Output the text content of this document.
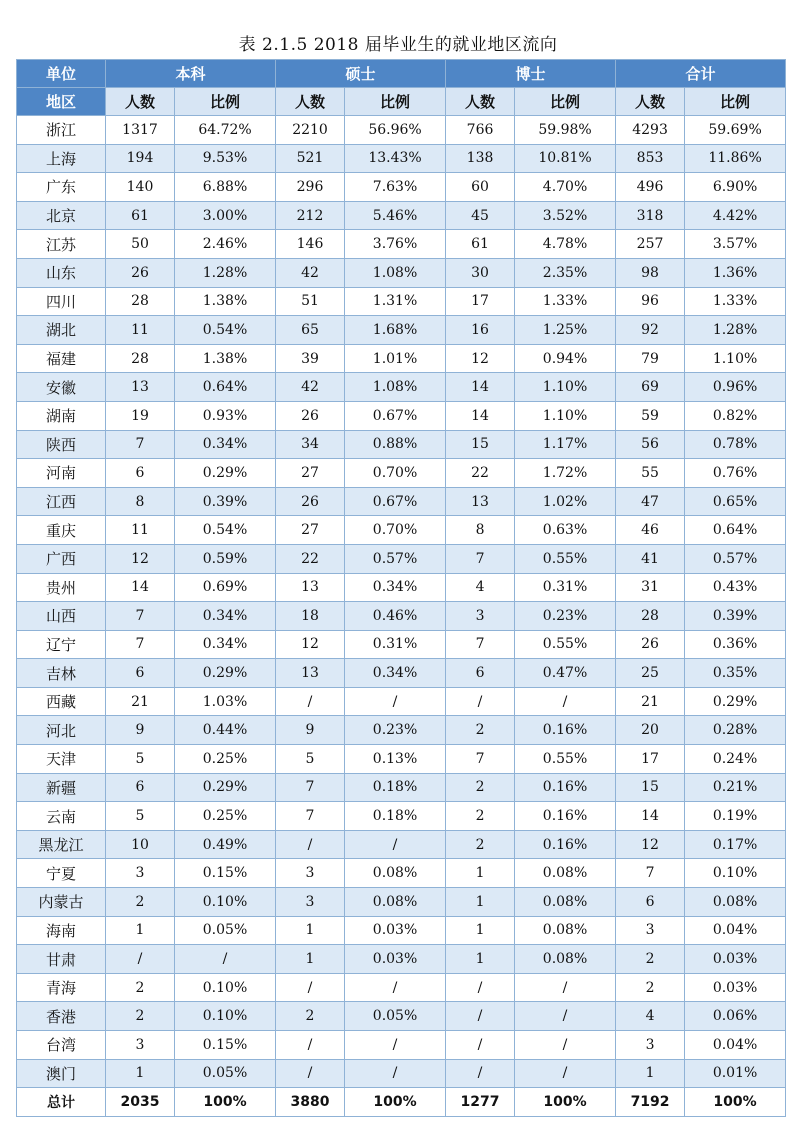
表 2.1.5 2018 届毕业生的就业地区流向
单位	本科		硕士		博士		合计	
地区	人数	比例	人数	比例	人数	比例	人数	比例
浙江	1317	64.72%	2210	56.96%	766	59.98%	4293	59.69%
上海	194	9.53%	521	13.43%	138	10.81%	853	11.86%
广东	140	6.88%	296	7.63%	60	4.70%	496	6.90%
北京	61	3.00%	212	5.46%	45	3.52%	318	4.42%
江苏	50	2.46%	146	3.76%	61	4.78%	257	3.57%
山东	26	1.28%	42	1.08%	30	2.35%	98	1.36%
四川	28	1.38%	51	1.31%	17	1.33%	96	1.33%
湖北	11	0.54%	65	1.68%	16	1.25%	92	1.28%
福建	28	1.38%	39	1.01%	12	0.94%	79	1.10%
安徽	13	0.64%	42	1.08%	14	1.10%	69	0.96%
湖南	19	0.93%	26	0.67%	14	1.10%	59	0.82%
陕西	7	0.34%	34	0.88%	15	1.17%	56	0.78%
河南	6	0.29%	27	0.70%	22	1.72%	55	0.76%
江西	8	0.39%	26	0.67%	13	1.02%	47	0.65%
重庆	11	0.54%	27	0.70%	8	0.63%	46	0.64%
广西	12	0.59%	22	0.57%	7	0.55%	41	0.57%
贵州	14	0.69%	13	0.34%	4	0.31%	31	0.43%
山西	7	0.34%	18	0.46%	3	0.23%	28	0.39%
辽宁	7	0.34%	12	0.31%	7	0.55%	26	0.36%
吉林	6	0.29%	13	0.34%	6	0.47%	25	0.35%
西藏	21	1.03%	/	/	/	/	21	0.29%
河北	9	0.44%	9	0.23%	2	0.16%	20	0.28%
天津	5	0.25%	5	0.13%	7	0.55%	17	0.24%
新疆	6	0.29%	7	0.18%	2	0.16%	15	0.21%
云南	5	0.25%	7	0.18%	2	0.16%	14	0.19%
黑龙江	10	0.49%	/	/	2	0.16%	12	0.17%
宁夏	3	0.15%	3	0.08%	1	0.08%	7	0.10%
内蒙古	2	0.10%	3	0.08%	1	0.08%	6	0.08%
海南	1	0.05%	1	0.03%	1	0.08%	3	0.04%
甘肃	/	/	1	0.03%	1	0.08%	2	0.03%
青海	2	0.10%	/	/	/	/	2	0.03%
香港	2	0.10%	2	0.05%	/	/	4	0.06%
台湾	3	0.15%	/	/	/	/	3	0.04%
澳门	1	0.05%	/	/	/	/	1	0.01%
总计	2035	100%	3880	100%	1277	100%	7192	100%
